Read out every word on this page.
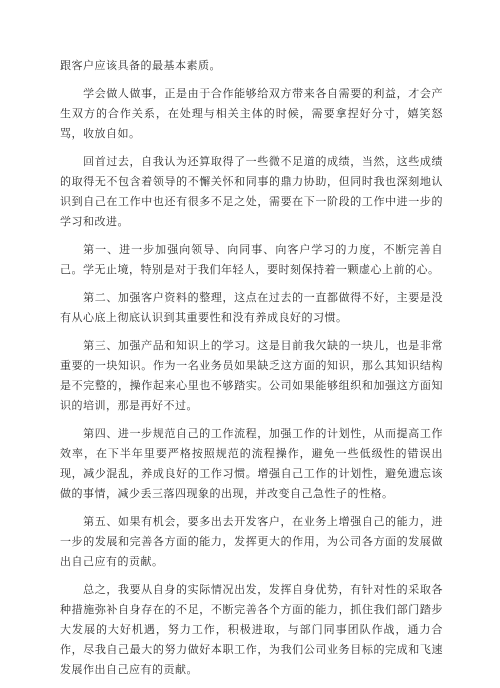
跟客户应该具备的最基本素质。

学会做人做事，正是由于合作能够给双方带来各自需要的利益，才会产生双方的合作关系，在处理与相关主体的时候，需要拿捏好分寸，嬉笑怒骂，收放自如。

回首过去，自我认为还算取得了一些微不足道的成绩，当然，这些成绩的取得无不包含着领导的不懈关怀和同事的鼎力协助，但同时我也深刻地认识到自己在工作中也还有很多不足之处，需要在下一阶段的工作中进一步的学习和改进。

第一、进一步加强向领导、向同事、向客户学习的力度，不断完善自己。学无止境，特别是对于我们年轻人，要时刻保持着一颗虚心上前的心。

第二、加强客户资料的整理，这点在过去的一直都做得不好，主要是没有从心底上彻底认识到其重要性和没有养成良好的习惯。

第三、加强产品和知识上的学习。这是目前我欠缺的一块儿，也是非常重要的一块知识。作为一名业务员如果缺乏这方面的知识，那么其知识结构是不完整的，操作起来心里也不够踏实。公司如果能够组织和加强这方面知识的培训，那是再好不过。

第四、进一步规范自己的工作流程，加强工作的计划性，从而提高工作效率，在下半年里要严格按照规范的流程操作，避免一些低级性的错误出现，减少混乱，养成良好的工作习惯。增强自己工作的计划性，避免遗忘该做的事情，减少丢三落四现象的出现，并改变自己急性子的性格。

第五、如果有机会，要多出去开发客户，在业务上增强自己的能力，进一步的发展和完善各方面的能力，发挥更大的作用，为公司各方面的发展做出自己应有的贡献。

总之，我要从自身的实际情况出发，发挥自身优势，有针对性的采取各种措施弥补自身存在的不足，不断完善各个方面的能力，抓住我们部门踏步大发展的大好机遇，努力工作，积极进取，与部门同事团队作战，通力合作，尽我自己最大的努力做好本职工作，为我们公司业务目标的完成和飞速发展作出自己应有的贡献。
